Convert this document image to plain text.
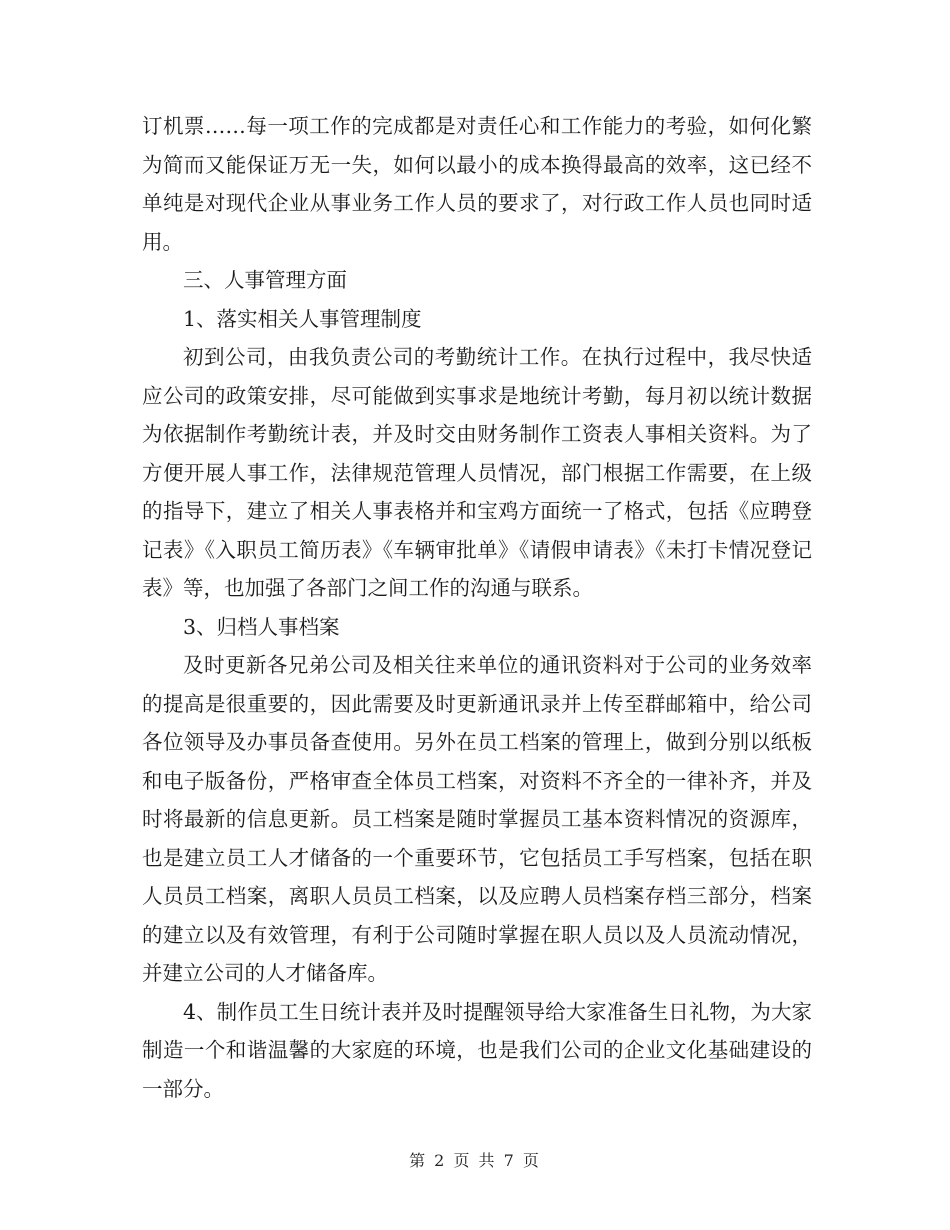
订机票……每一项工作的完成都是对责任心和工作能力的考验，如何化繁为简而又能保证万无一失，如何以最小的成本换得最高的效率，这已经不单纯是对现代企业从事业务工作人员的要求了，对行政工作人员也同时适用。

三、人事管理方面

1、落实相关人事管理制度

初到公司，由我负责公司的考勤统计工作。在执行过程中，我尽快适应公司的政策安排，尽可能做到实事求是地统计考勤，每月初以统计数据为依据制作考勤统计表，并及时交由财务制作工资表人事相关资料。为了方便开展人事工作，法律规范管理人员情况，部门根据工作需要，在上级的指导下，建立了相关人事表格并和宝鸡方面统一了格式，包括《应聘登记表》《入职员工简历表》《车辆审批单》《请假申请表》《未打卡情况登记表》等，也加强了各部门之间工作的沟通与联系。

3、归档人事档案

及时更新各兄弟公司及相关往来单位的通讯资料对于公司的业务效率的提高是很重要的，因此需要及时更新通讯录并上传至群邮箱中，给公司各位领导及办事员备查使用。另外在员工档案的管理上，做到分别以纸板和电子版备份，严格审查全体员工档案，对资料不齐全的一律补齐，并及时将最新的信息更新。员工档案是随时掌握员工基本资料情况的资源库，也是建立员工人才储备的一个重要环节，它包括员工手写档案，包括在职人员员工档案，离职人员员工档案，以及应聘人员档案存档三部分，档案的建立以及有效管理，有利于公司随时掌握在职人员以及人员流动情况，并建立公司的人才储备库。

4、制作员工生日统计表并及时提醒领导给大家准备生日礼物，为大家制造一个和谐温馨的大家庭的环境，也是我们公司的企业文化基础建设的一部分。

第 2 页 共 7 页
